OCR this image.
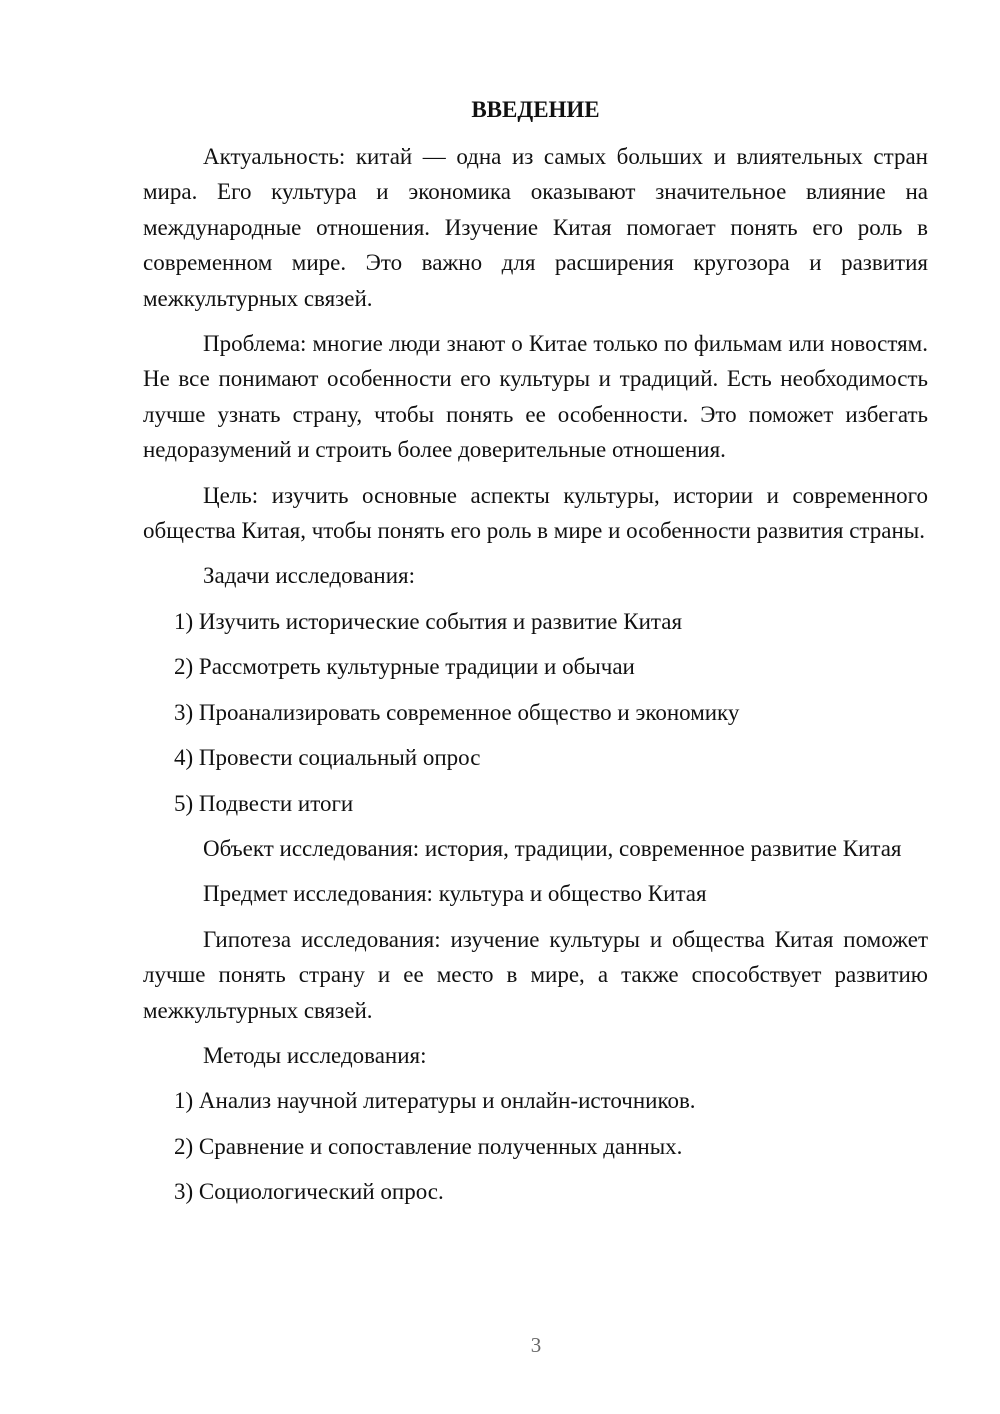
ВВЕДЕНИЕ

Актуальность: китай — одна из самых больших и влиятельных стран мира. Его культура и экономика оказывают значительное влияние на международные отношения. Изучение Китая помогает понять его роль в современном мире. Это важно для расширения кругозора и развития межкультурных связей.

Проблема: многие люди знают о Китае только по фильмам или новостям. Не все понимают особенности его культуры и традиций. Есть необходимость лучше узнать страну, чтобы понять ее особенности. Это поможет избегать недоразумений и строить более доверительные отношения.

Цель: изучить основные аспекты культуры, истории и современного общества Китая, чтобы понять его роль в мире и особенности развития страны.

Задачи исследования:

1) Изучить исторические события и развитие Китая

2) Рассмотреть культурные традиции и обычаи

3) Проанализировать современное общество и экономику

4) Провести социальный опрос

5) Подвести итоги

Объект исследования: история, традиции, современное развитие Китая

Предмет исследования: культура и общество Китая

Гипотеза исследования: изучение культуры и общества Китая поможет лучше понять страну и ее место в мире, а также способствует развитию межкультурных связей.

Методы исследования:

1) Анализ научной литературы и онлайн-источников.

2) Сравнение и сопоставление полученных данных.

3) Социологический опрос.

3
